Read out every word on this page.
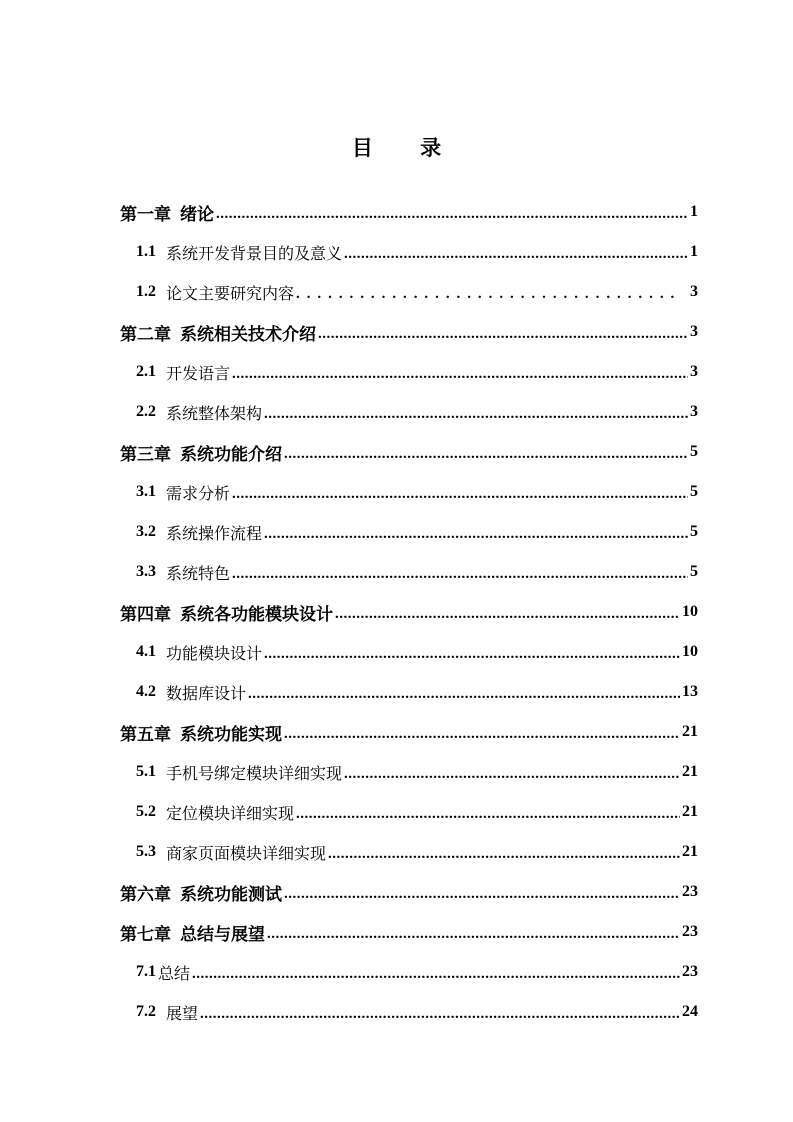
目 录
第一章 绪论 .....	1
1.1 系统开发背景目的及意义 .....	1
1.2 论文主要研究内容 . . .	3
第二章 系统相关技术介绍 .....	3
2.1 开发语言 .....	3
2.2 系统整体架构 .....	3
第三章 系统功能介绍 .....	5
3.1 需求分析 .....	5
3.2 系统操作流程 .....	5
3.3 系统特色 .....	5
第四章 系统各功能模块设计 .....	10
4.1 功能模块设计 .....	10
4.2 数据库设计 .....	13
第五章 系统功能实现 .....	21
5.1 手机号绑定模块详细实现 .....	21
5.2 定位模块详细实现 .....	21
5.3 商家页面模块详细实现 .....	21
第六章 系统功能测试 .....	23
第七章 总结与展望 .....	23
7.1 总结 .....	23
7.2 展望 .....	24
